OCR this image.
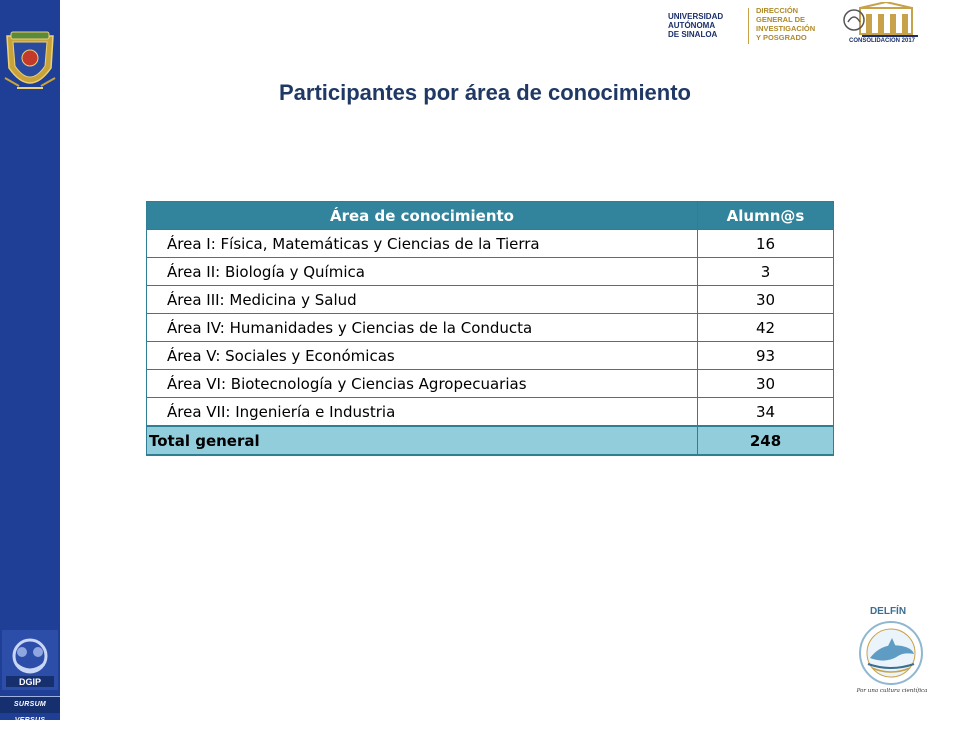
DGIP
SURSUM VERSUS
UNIVERSIDAD
AUTÓNOMA
DE SINALOA
DIRECCIÓN
GENERAL DE
INVESTIGACIÓN
Y POSGRADO	CONSOLIDACIÓN 2017
Participantes por área de conocimiento
Área de conocimiento	Alumn@s
Área I: Física, Matemáticas y Ciencias de la Tierra	16
Área II: Biología y Química	3
Área III: Medicina y Salud	30
Área IV: Humanidades y Ciencias de la Conducta	42
Área V: Sociales y Económicas	93
Área VI: Biotecnología y Ciencias Agropecuarias	30
Área VII: Ingeniería e Industria	34
Total general	248
DELFÍN
Por una cultura científica
